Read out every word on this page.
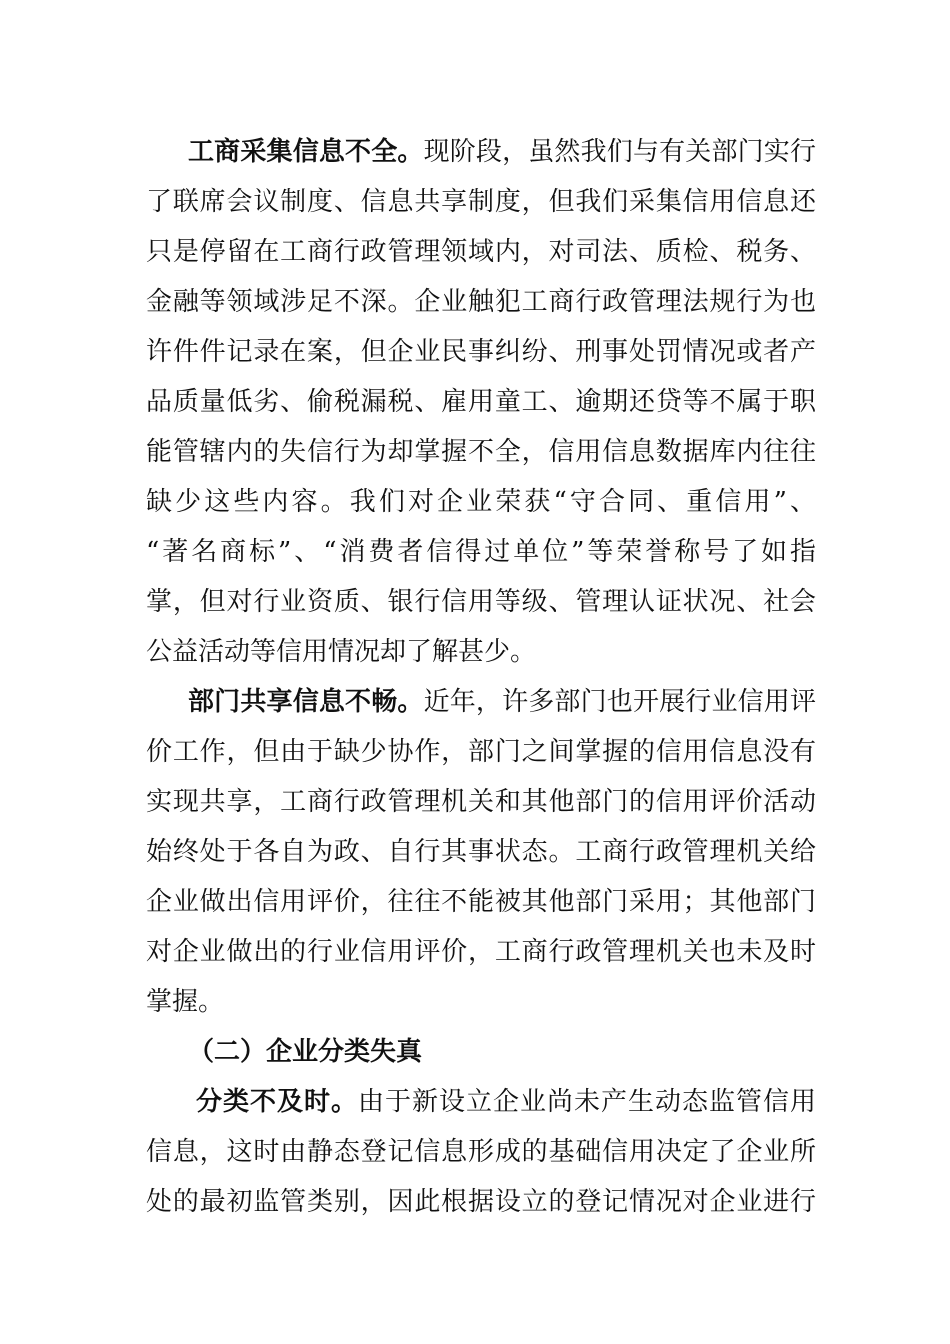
工商采集信息不全。现阶段，虽然我们与有关部门实行
了联席会议制度、信息共享制度，但我们采集信用信息还
只是停留在工商行政管理领域内，对司法、质检、税务、
金融等领域涉足不深。企业触犯工商行政管理法规行为也
许件件记录在案，但企业民事纠纷、刑事处罚情况或者产
品质量低劣、偷税漏税、雇用童工、逾期还贷等不属于职
能管辖内的失信行为却掌握不全，信用信息数据库内往往
缺少这些内容。我们对企业荣获“守合同、重信用”、
“著名商标”、“消费者信得过单位”等荣誉称号了如指
掌，但对行业资质、银行信用等级、管理认证状况、社会
公益活动等信用情况却了解甚少。
部门共享信息不畅。近年，许多部门也开展行业信用评
价工作，但由于缺少协作，部门之间掌握的信用信息没有
实现共享，工商行政管理机关和其他部门的信用评价活动
始终处于各自为政、自行其事状态。工商行政管理机关给
企业做出信用评价，往往不能被其他部门采用；其他部门
对企业做出的行业信用评价，工商行政管理机关也未及时
掌握。
（二）企业分类失真
分类不及时。由于新设立企业尚未产生动态监管信用
信息，这时由静态登记信息形成的基础信用决定了企业所
处的最初监管类别，因此根据设立的登记情况对企业进行
